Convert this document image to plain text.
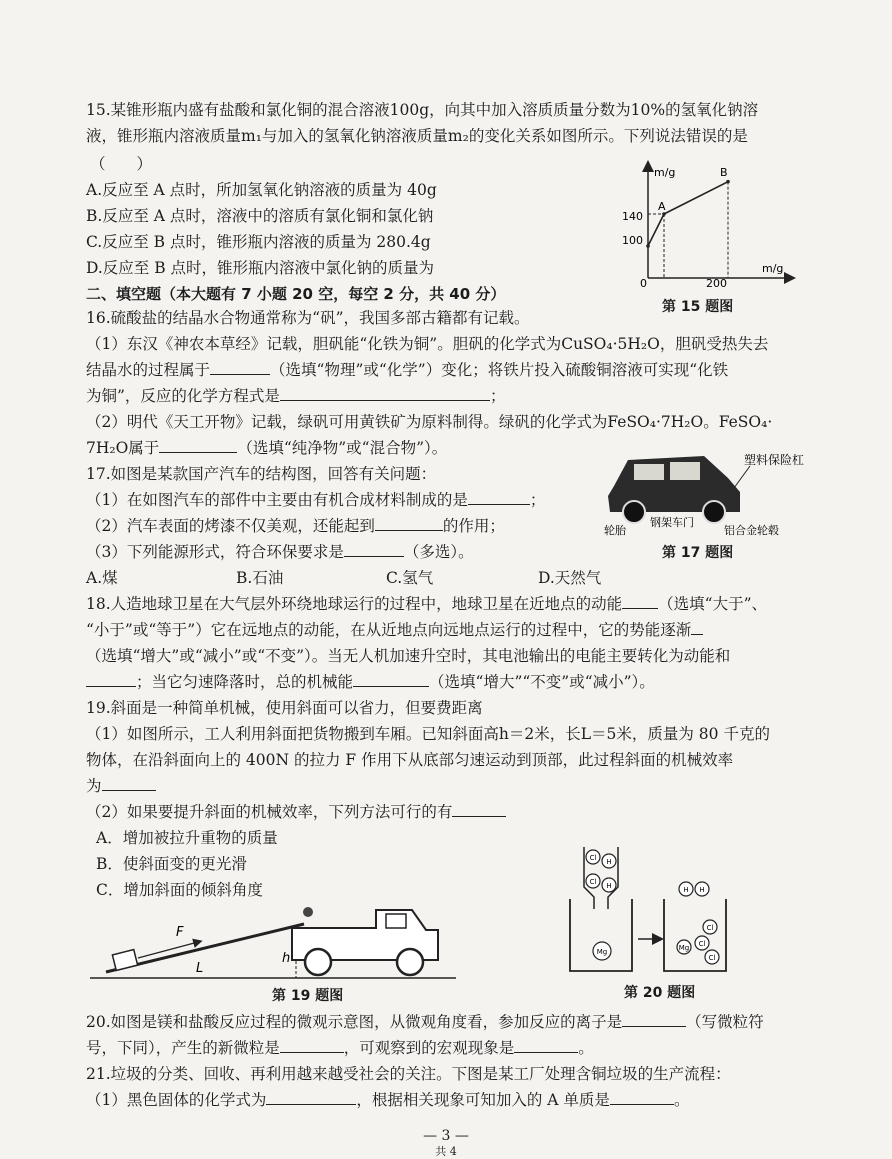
15.某锥形瓶内盛有盐酸和氯化铜的混合溶液100g，向其中加入溶质质量分数为10%的氢氧化钠溶
液，锥形瓶内溶液质量m₁与加入的氢氧化钠溶液质量m₂的变化关系如图所示。下列说法错误的是
（　　）
A.反应至 A 点时，所加氢氧化钠溶液的质量为 40g
B.反应至 A 点时，溶液中的溶质有氯化铜和氯化钠
C.反应至 B 点时，锥形瓶内溶液的质量为 280.4g
D.反应至 B 点时，锥形瓶内溶液中氯化钠的质量为
m/g
m/g
140
100
0	200
A
B
第 15 题图
二、填空题（本大题有 7 小题 20 空，每空 2 分，共 40 分）
16.硫酸盐的结晶水合物通常称为“矾”，我国多部古籍都有记载。
（1）东汉《神农本草经》记载，胆矾能“化铁为铜”。胆矾的化学式为CuSO₄·5H₂O，胆矾受热失去
结晶水的过程属于	（选填“物理”或“化学”）变化；将铁片投入硫酸铜溶液可实现“化铁
为铜”，反应的化学方程式是	；
（2）明代《天工开物》记载，绿矾可用黄铁矿为原料制得。绿矾的化学式为FeSO₄·7H₂O。FeSO₄·
7H₂O属于	（选填“纯净物”或“混合物”）。
17.如图是某款国产汽车的结构图，回答有关问题：
（1）在如图汽车的部件中主要由有机合成材料制成的是	；
（2）汽车表面的烤漆不仅美观，还能起到	的作用；
（3）下列能源形式，符合环保要求是	（多选）。
A.煤	B.石油	C.氢气	D.天然气
塑料保险杠
轮胎
钢架车门
铝合金轮毂
第 17 题图
18.人造地球卫星在大气层外环绕地球运行的过程中，地球卫星在近地点的动能 （选填“大于”、
“小于”或“等于”）它在远地点的动能，在从近地点向远地点运行的过程中，它的势能逐渐
（选填“增大”或“减小”或“不变”）。当无人机加速升空时，其电池输出的电能主要转化为动能和
；当它匀速降落时，总的机械能	（选填“增大”“不变”或“减小”）。
19.斜面是一种简单机械，使用斜面可以省力，但要费距离
（1）如图所示，工人利用斜面把货物搬到车厢。已知斜面高h＝2米，长L＝5米，质量为 80 千克的
物体，在沿斜面向上的 400N 的拉力 F 作用下从底部匀速运动到顶部，此过程斜面的机械效率
为
（2）如果要提升斜面的机械效率，下列方法可行的有
A．增加被拉升重物的质量
B．使斜面变的更光滑
C．增加斜面的倾斜角度
F
L
h
第 19 题图
Cl H
Cl H
Mg
H H
Cl
Mg Cl
Cl
第 20 题图
20.如图是镁和盐酸反应过程的微观示意图，从微观角度看，参加反应的离子是	（写微粒符
号，下同），产生的新微粒是	，可观察到的宏观现象是	。
21.垃圾的分类、回收、再利用越来越受社会的关注。下图是某工厂处理含铜垃圾的生产流程：
（1）黑色固体的化学式为	，根据相关现象可知加入的 A 单质是	。
— 3 —
共 4
